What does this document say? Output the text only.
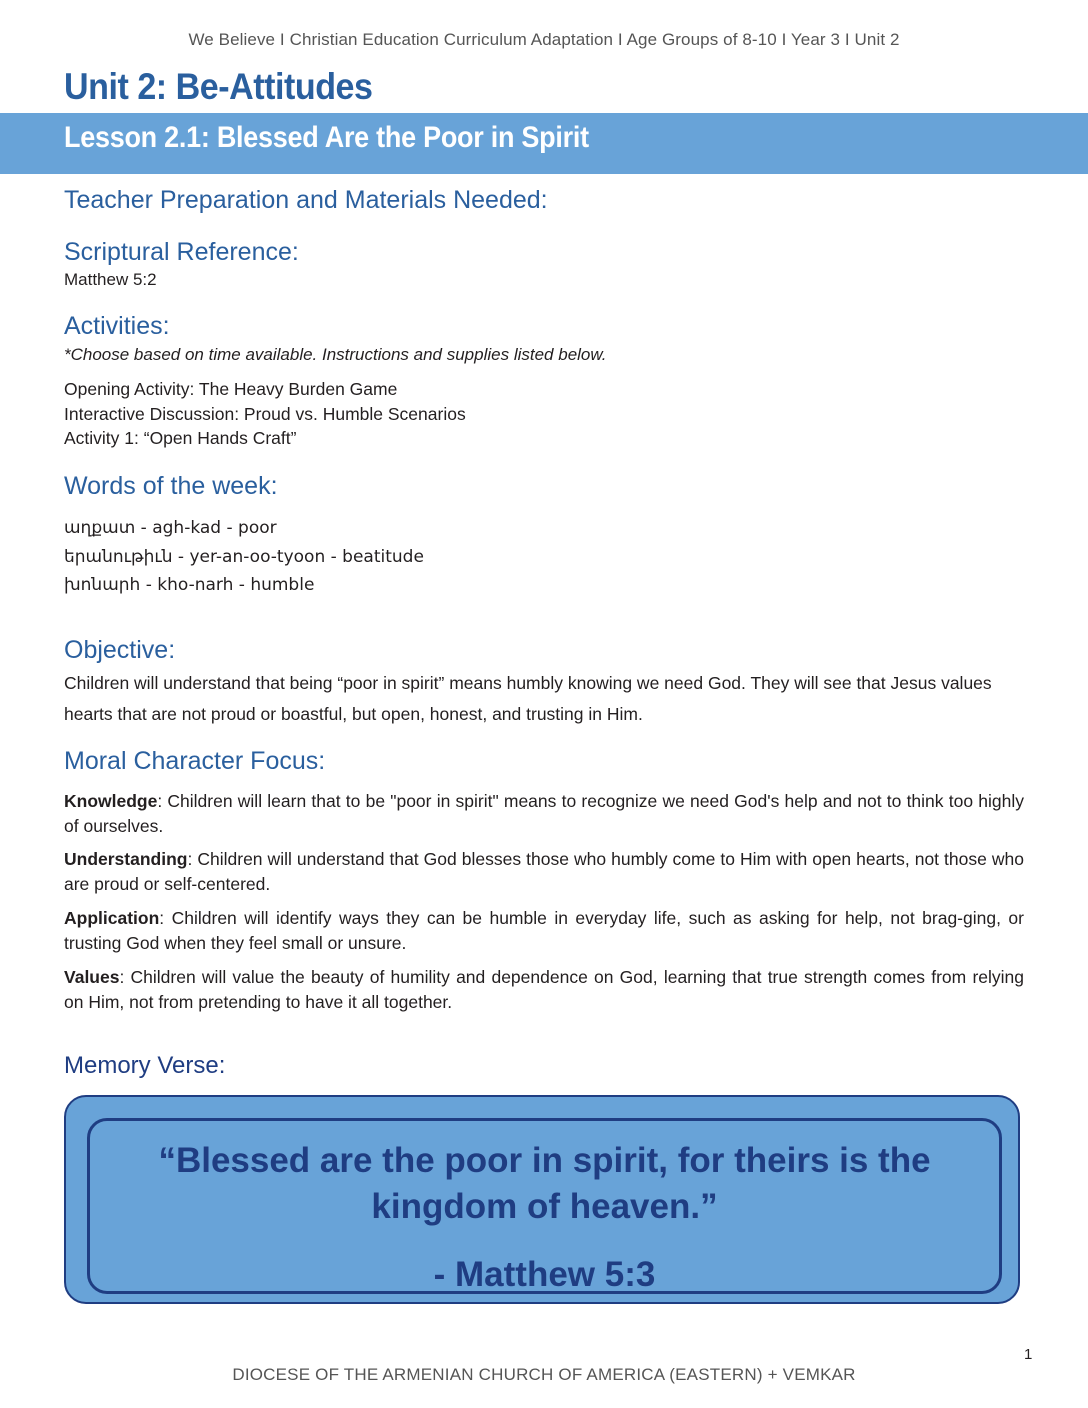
We Believe I Christian Education Curriculum Adaptation I Age Groups of 8-10 I Year 3 I Unit 2
Unit 2: Be-Attitudes
Lesson 2.1: Blessed Are the Poor in Spirit
Teacher Preparation and Materials Needed:
Scriptural Reference:

Matthew 5:2

Activities:

*Choose based on time available. Instructions and supplies listed below.

Opening Activity: The Heavy Burden Game
Interactive Discussion: Proud vs. Humble Scenarios
Activity 1: “Open Hands Craft”
Words of the week:
աղքատ - agh-kad - poor
երանութիւն - yer-an-oo-tyoon - beatitude
խոնարհ - kho-narh - humble
Objective:

Children will understand that being “poor in spirit” means humbly knowing we need God. They will see that Jesus values hearts that are not proud or boastful, but open, honest, and trusting in Him.

Moral Character Focus:

Knowledge: Children will learn that to be "poor in spirit" means to recognize we need God's help and not to think too highly of ourselves.

Understanding: Children will understand that God blesses those who humbly come to Him with open hearts, not those who are proud or self-centered.

Application: Children will identify ways they can be humble in everyday life, such as asking for help, not brag-ging, or trusting God when they feel small or unsure.

Values: Children will value the beauty of humility and dependence on God, learning that true strength comes from relying on Him, not from pretending to have it all together.

Memory Verse:

“Blessed are the poor in spirit, for theirs is the kingdom of heaven.”

- Matthew 5:3

1
DIOCESE OF THE ARMENIAN CHURCH OF AMERICA (EASTERN) + VEMKAR
